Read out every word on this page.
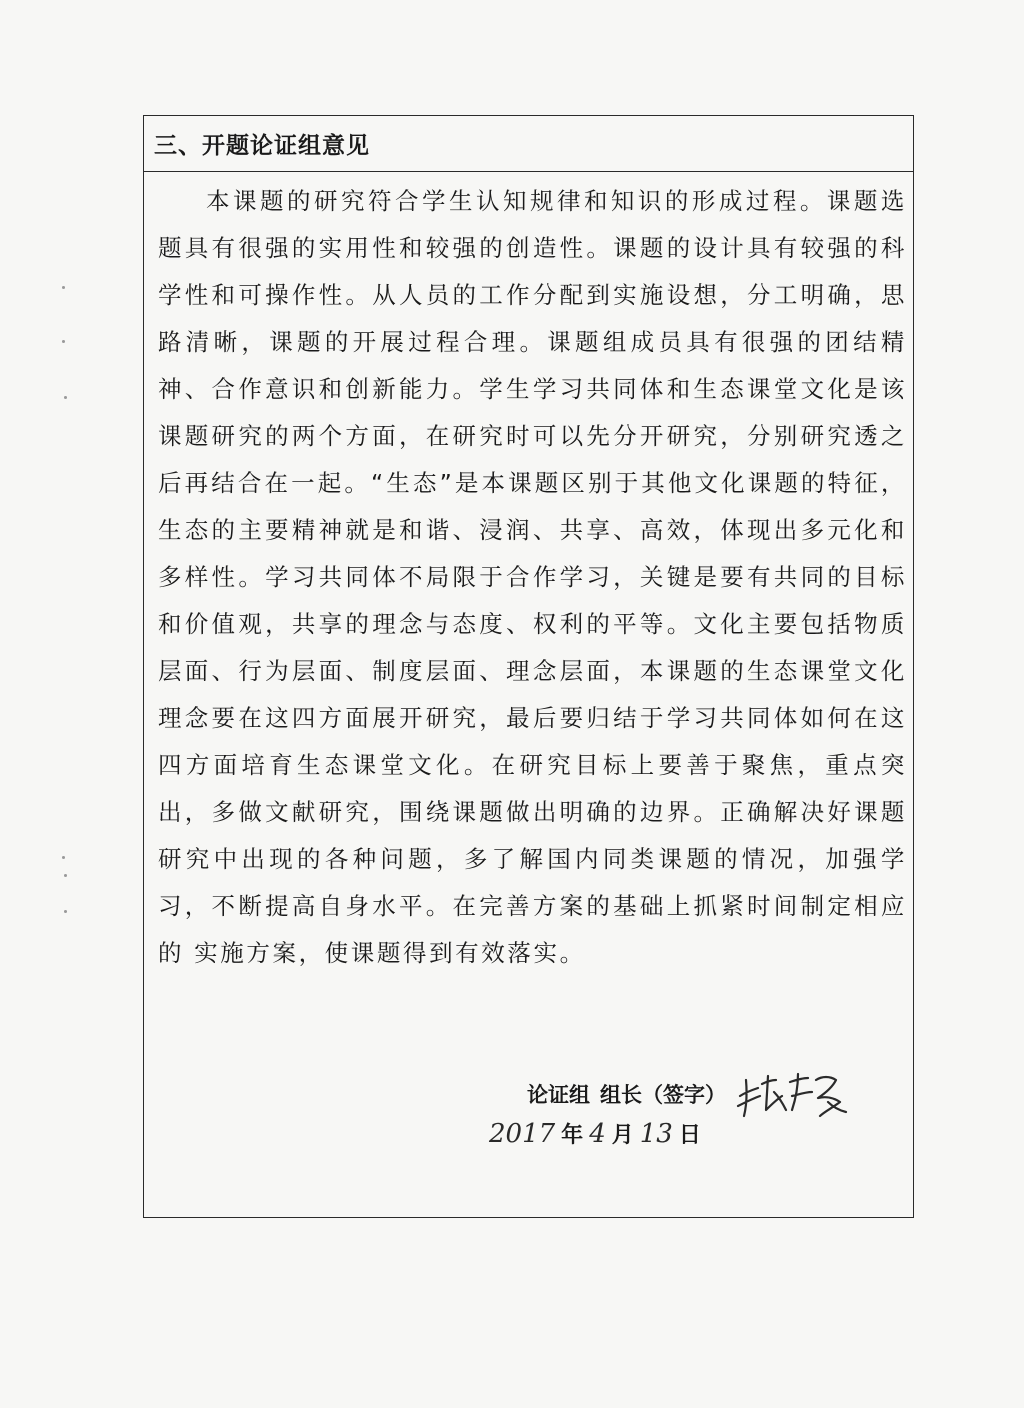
三、开题论证组意见

本课题的研究符合学生认知规律和知识的形成过程。课题选题具有很强的实用性和较强的创造性。课题的设计具有较强的科学性和可操作性。从人员的工作分配到实施设想，分工明确，思路清晰，课题的开展过程合理。课题组成员具有很强的团结精神、合作意识和创新能力。学生学习共同体和生态课堂文化是该课题研究的两个方面，在研究时可以先分开研究，分别研究透之后再结合在一起。“生态”是本课题区别于其他文化课题的特征，生态的主要精神就是和谐、浸润、共享、高效，体现出多元化和多样性。学习共同体不局限于合作学习，关键是要有共同的目标和价值观，共享的理念与态度、权利的平等。文化主要包括物质层面、行为层面、制度层面、理念层面，本课题的生态课堂文化理念要在这四方面展开研究，最后要归结于学习共同体如何在这四方面培育生态课堂文化。在研究目标上要善于聚焦，重点突出，多做文献研究，围绕课题做出明确的边界。正确解决好课题研究中出现的各种问题，多了解国内同类课题的情况，加强学习，不断提高自身水平。在完善方案的基础上抓紧时间制定相应的 实施方案，使课题得到有效落实。

论证组 组长（签字）
2017 年 4 月 13 日
